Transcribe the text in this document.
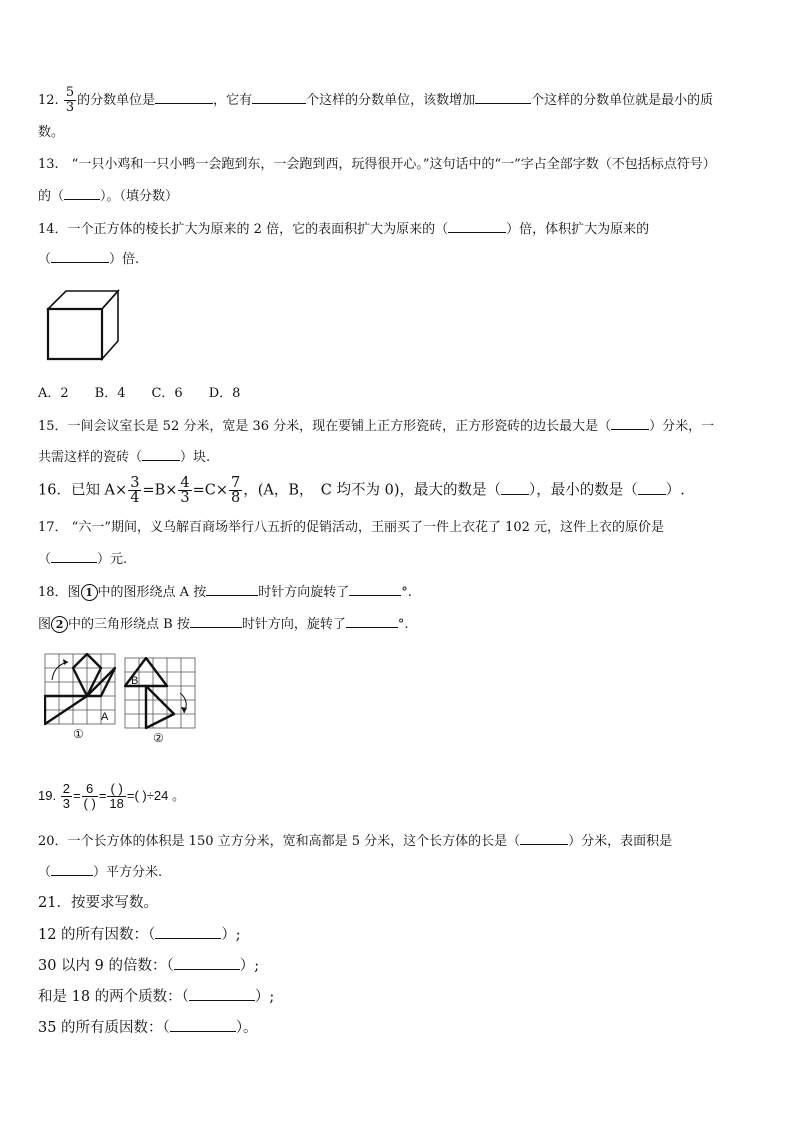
12. $\frac{5}{3}$ 的分数单位是	，它有	个这样的分数单位，该数增加	个这样的分数单位就是最小的质
数。
13.　“一只小鸡和一只小鸭一会跑到东，一会跑到西，玩得很开心。”这句话中的“一”字占全部字数（不包括标点符号）
的（	）。（填分数）
14．一个正方体的棱长扩大为原来的 2 倍，它的表面积扩大为原来的（	）倍，体积扩大为原来的
（	）倍.
A．2　　B．4　　C．6　　D．8
15．一间会议室长是 52 分米，宽是 36 分米，现在要铺上正方形瓷砖，正方形瓷砖的边长最大是（	）分米，一
共需这样的瓷砖（	）块.
16．已知 $A\times \frac{3}{4} =B\times \frac{4}{3} =C\times \frac{7}{8}$ ，(A，B，　C 均不为 0)，最大的数是（ ），最小的数是（ ）.
17． “六一”期间，义乌解百商场举行八五折的促销活动，王丽买了一件上衣花了 102 元，这件上衣的原价是
（	）元.
18．图 1 中的图形绕点 A 按	时针方向旋转了	°.
图 2 中的三角形绕点 B 按	时针方向，旋转了	°.
A
①
B
②
19. $\frac{2}{3} = \frac{6}{( )} = \frac{( )}{18}$ =( )÷24 。
20．一个长方体的体积是 150 立方分米，宽和高都是 5 分米，这个长方体的长是（	）分米，表面积是
（	）平方分米.
21．按要求写数。
12 的所有因数：（	）;
30 以内 9 的倍数：（	）;
和是 18 的两个质数：（	）;
35 的所有质因数：（	）。
